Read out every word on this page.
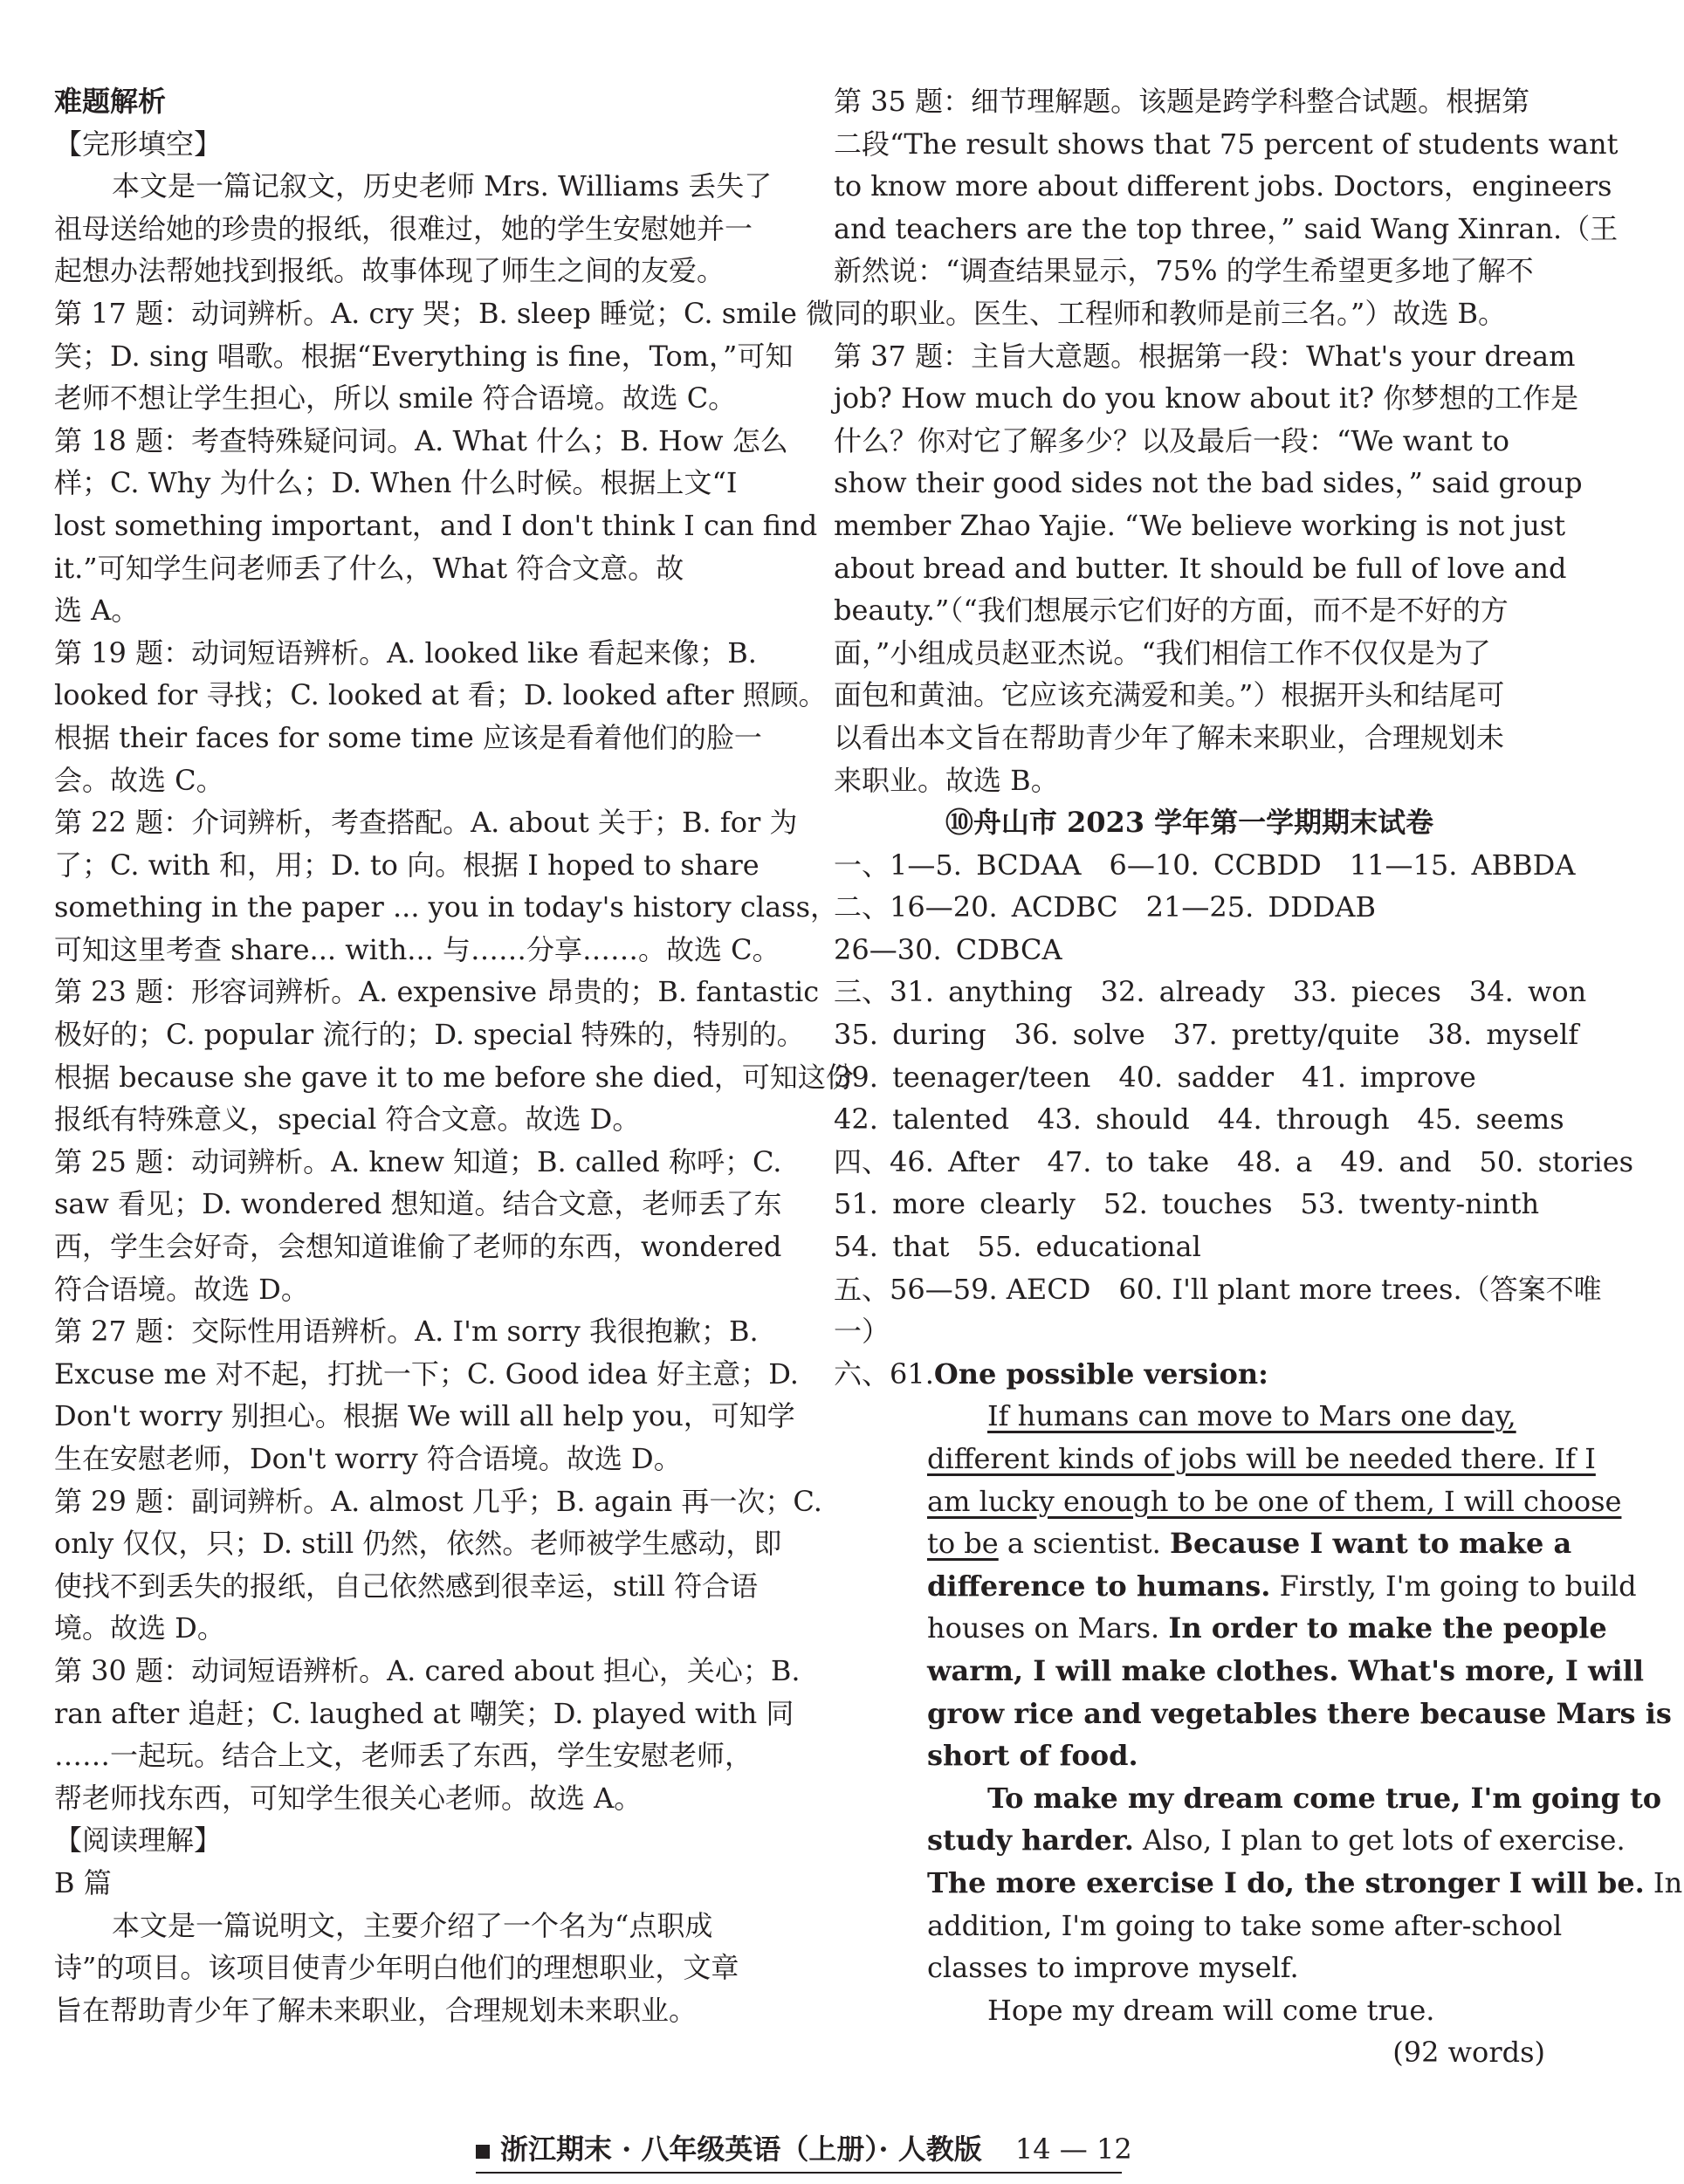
难题解析
【完形填空】
本文是一篇记叙文，历史老师 Mrs. Williams 丢失了
祖母送给她的珍贵的报纸，很难过，她的学生安慰她并一
起想办法帮她找到报纸。故事体现了师生之间的友爱。
第 17 题：动词辨析。A. cry 哭；B. sleep 睡觉；C. smile 微
笑；D. sing 唱歌。根据“Everything is fine，Tom，”可知
老师不想让学生担心，所以 smile 符合语境。故选 C。
第 18 题：考查特殊疑问词。A. What 什么；B. How 怎么
样；C. Why 为什么；D. When 什么时候。根据上文“I
lost something important，and I don't think I can find
it.”可知学生问老师丢了什么，What 符合文意。故
选 A。
第 19 题：动词短语辨析。A. looked like 看起来像；B.
looked for 寻找；C. looked at 看；D. looked after 照顾。
根据 their faces for some time 应该是看着他们的脸一
会。故选 C。
第 22 题：介词辨析，考查搭配。A. about 关于；B. for 为
了；C. with 和，用；D. to 向。根据 I hoped to share
something in the paper ... you in today's history class，
可知这里考查 share... with... 与……分享……。故选 C。
第 23 题：形容词辨析。A. expensive 昂贵的；B. fantastic
极好的；C. popular 流行的；D. special 特殊的，特别的。
根据 because she gave it to me before she died，可知这份
报纸有特殊意义，special 符合文意。故选 D。
第 25 题：动词辨析。A. knew 知道；B. called 称呼；C.
saw 看见；D. wondered 想知道。结合文意，老师丢了东
西，学生会好奇，会想知道谁偷了老师的东西，wondered
符合语境。故选 D。
第 27 题：交际性用语辨析。A. I'm sorry 我很抱歉；B.
Excuse me 对不起，打扰一下；C. Good idea 好主意；D.
Don't worry 别担心。根据 We will all help you，可知学
生在安慰老师，Don't worry 符合语境。故选 D。
第 29 题：副词辨析。A. almost 几乎；B. again 再一次；C.
only 仅仅，只；D. still 仍然，依然。老师被学生感动，即
使找不到丢失的报纸，自己依然感到很幸运，still 符合语
境。故选 D。
第 30 题：动词短语辨析。A. cared about 担心，关心；B.
ran after 追赶；C. laughed at 嘲笑；D. played with 同
……一起玩。结合上文，老师丢了东西，学生安慰老师，
帮老师找东西，可知学生很关心老师。故选 A。
【阅读理解】
B 篇
本文是一篇说明文，主要介绍了一个名为“点职成
诗”的项目。该项目使青少年明白他们的理想职业，文章
旨在帮助青少年了解未来职业，合理规划未来职业。
第 35 题：细节理解题。该题是跨学科整合试题。根据第
二段“The result shows that 75 percent of students want
to know more about different jobs. Doctors，engineers
and teachers are the top three，” said Wang Xinran.（王
新然说：“调查结果显示，75% 的学生希望更多地了解不
同的职业。医生、工程师和教师是前三名。”）故选 B。
第 37 题：主旨大意题。根据第一段：What's your dream
job? How much do you know about it? 你梦想的工作是
什么？你对它了解多少？以及最后一段：“We want to
show their good sides not the bad sides，” said group
member Zhao Yajie. “We believe working is not just
about bread and butter. It should be full of love and
beauty.”（“我们想展示它们好的方面，而不是不好的方
面，”小组成员赵亚杰说。“我们相信工作不仅仅是为了
面包和黄油。它应该充满爱和美。”）根据开头和结尾可
以看出本文旨在帮助青少年了解未来职业，合理规划未
来职业。故选 B。
⑩舟山市 2023 学年第一学期期末试卷
一、1—5. BCDAA　6—10. CCBDD　11—15. ABBDA
二、16—20. ACDBC　21—25. DDDAB
26—30. CDBCA
三、31. anything　32. already　33. pieces　34. won
35. during　36. solve　37. pretty/quite　38. myself
39. teenager/teen　40. sadder　41. improve
42. talented　43. should　44. through　45. seems
四、46. After　47. to take　48. a　49. and　50. stories
51. more clearly　52. touches　53. twenty-ninth
54. that　55. educational
五、56—59. AECD　60. I'll plant more trees.（答案不唯
一）
六、61.One possible version:
If humans can move to Mars one day,
different kinds of jobs will be needed there. If I
am lucky enough to be one of them, I will choose
to be a scientist. Because I want to make a
difference to humans. Firstly, I'm going to build
houses on Mars. In order to make the people
warm, I will make clothes. What's more, I will
grow rice and vegetables there because Mars is
short of food.
To make my dream come true, I'm going to
study harder. Also, I plan to get lots of exercise.
The more exercise I do, the stronger I will be. In
addition, I'm going to take some after-school
classes to improve myself.
Hope my dream will come true.
(92 words)
浙江期末 · 八年级英语（上册）· 人教版 14 — 12
